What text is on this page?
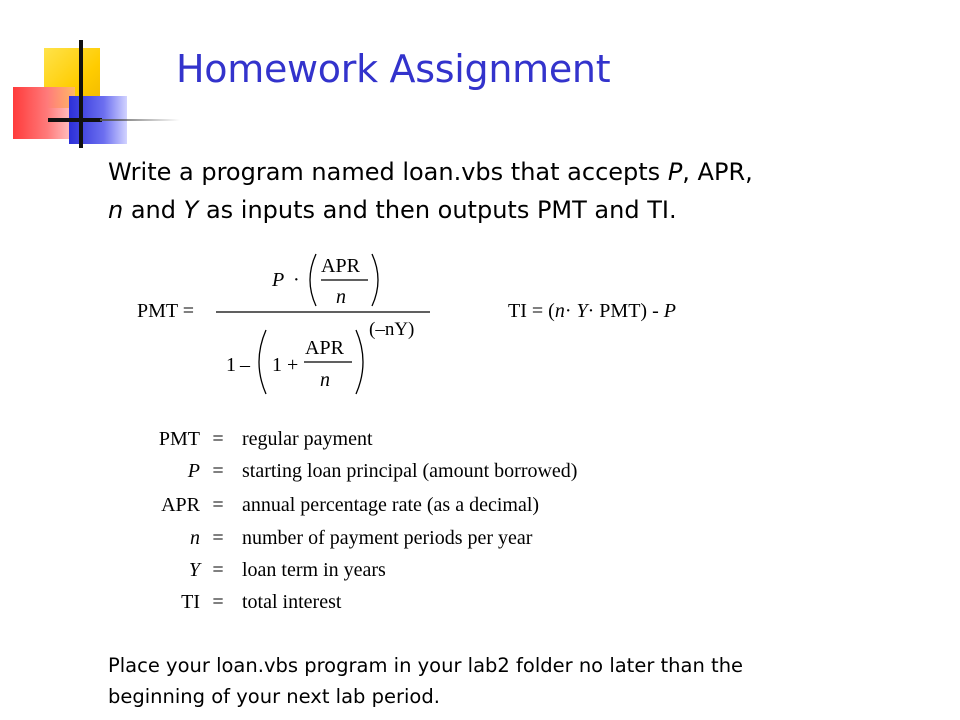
Homework Assignment
Write a program named loan.vbs that accepts P, APR,
n and Y as inputs and then outputs PMT and TI.
PMT =
P ·
APR
n
(–nY)
1 – 1 +
APR
n
TI = (n· Y· PMT) - P
PMT = regular payment
P = starting loan principal (amount borrowed)
APR = annual percentage rate (as a decimal)
n = number of payment periods per year
Y = loan term in years
TI = total interest
Place your loan.vbs program in your lab2 folder no later than the
beginning of your next lab period.
